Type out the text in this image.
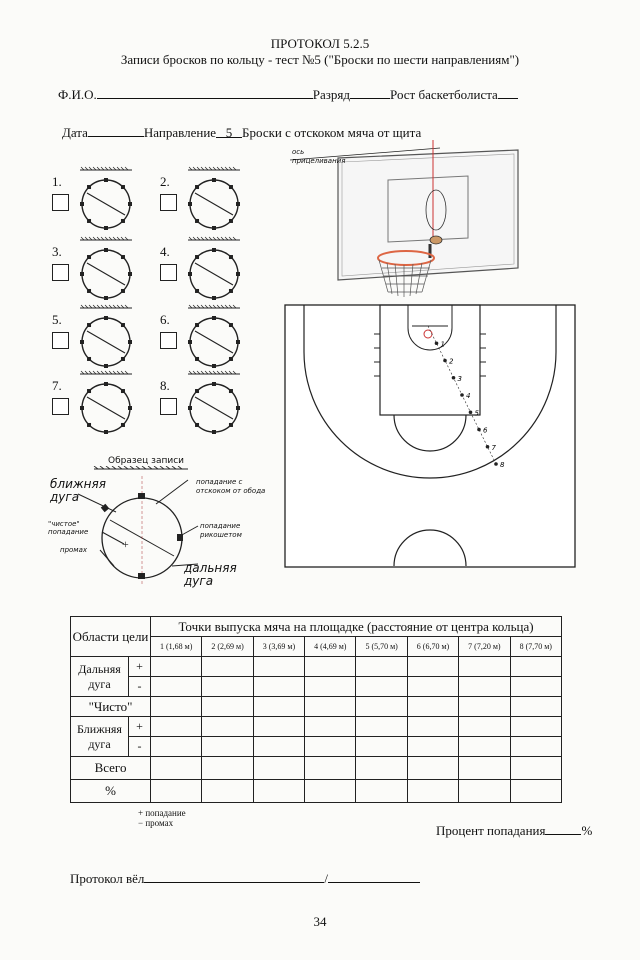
ПРОТОКОЛ 5.2.5
Записи бросков по кольцу - тест №5 ("Броски по шести направлениям")
Ф.И.О.	Разряд	Рост баскетболиста
Дата	Направление 5 Броски с отскоком мяча от щита
1.	2.
3.	4.
5.	6.
7.	8.
Образец записи
+
ближняя дуга
"чистое" попадание
промах
попадание с отскоком от обода
попадание рикошетом
дальняя дуга
ось прицеливания
1
2
3
4
5
6
7
8
Области цели		Точки выпуска мяча на площадке (расстояние от центра кольца)							
		1 (1,68 м)	2 (2,69 м)	3 (3,69 м)	4 (4,69 м)	5 (5,70 м)	6 (6,70 м)	7 (7,20 м)	8 (7,70 м)
Дальняя дуга	+								
	-								
"Чисто"									
Ближняя дуга	+								
	-								
Всего									
%									
+ попадание
− промах	Процент попадания	%
Протокол вёл	/
34
